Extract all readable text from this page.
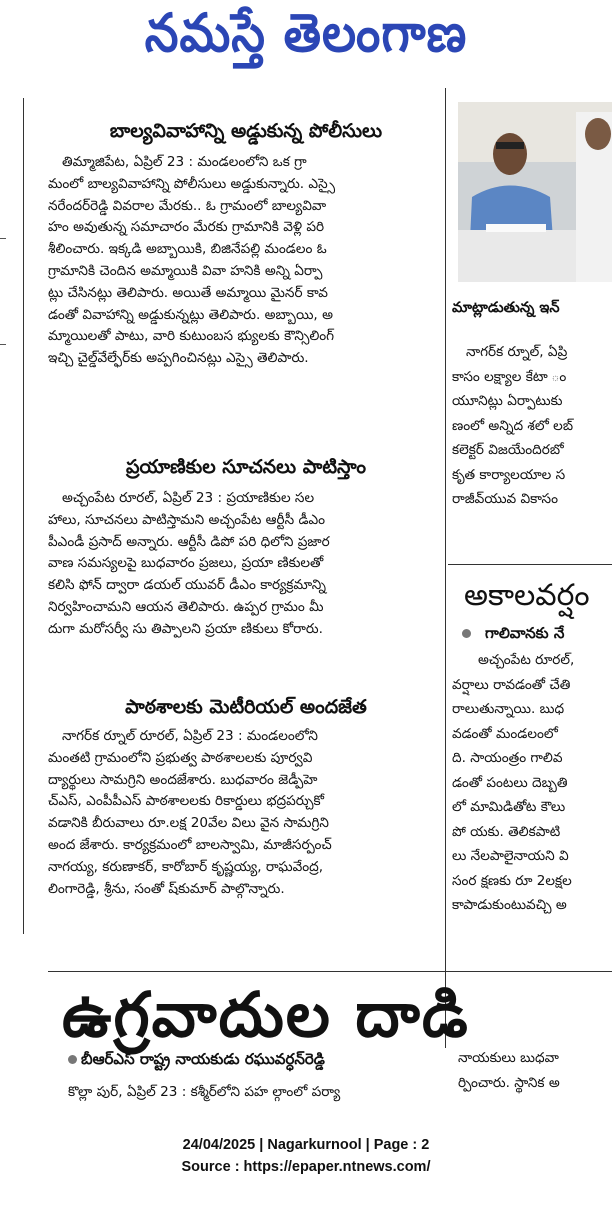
నమస్తే తెలంగాణ
బాల్యవివాహాన్ని అడ్డుకున్న పోలీసులు

తిమ్మాజిపేట, ఏప్రిల్ 23 : మండలంలోని ఒక గ్రా

మంలో బాల్యవివాహాన్ని పోలీసులు అడ్డుకున్నారు. ఎస్సై

నరేందర్‌రెడ్డి వివరాల మేరకు.. ఓ గ్రామంలో బాల్యవివా

హం అవుతున్న సమాచారం మేరకు గ్రామానికి వెళ్లి పరి

శీలించారు. ఇక్కడి అబ్బాయికి, బిజినేపల్లి మండలం ఓ

గ్రామానికి చెందిన అమ్మాయికి వివా హనికి అన్ని ఏర్పా

ట్లు చేసినట్లు తెలిపారు. అయితే అమ్మాయి మైనర్ కావ

డంతో వివాహాన్ని అడ్డుకున్నట్లు తెలిపారు. అబ్బాయి, అ

మ్మాయిలతో పాటు, వారి కుటుంబస భ్యులకు కౌన్సిలింగ్

ఇచ్చి చైల్డ్‌వేల్ఫేర్‌కు అప్పగించినట్లు ఎస్సై తెలిపారు.

ప్రయాణికుల సూచనలు పాటిస్తాం

అచ్చంపేట రూరల్, ఏప్రిల్ 23 : ప్రయాణికుల సల

హాలు, సూచనలు పాటిస్తామని అచ్చంపేట ఆర్టీసీ డీఎం

పీఎండీ ప్రసాద్ అన్నారు. ఆర్టీసీ డిపో పరి ధిలోని ప్రజార

వాణ సమస్యలపై బుధవారం ప్రజలు, ప్రయా ణికులతో

కలిసి ఫోన్ ద్వారా డయల్ యువర్ డీఎం కార్యక్రమాన్ని

నిర్వహించామని ఆయన తెలిపారు. ఉప్పర గ్రామం మీ

దుగా మరోసర్వీ సు తిప్పాలని ప్రయా ణికులు కోరారు.

పాఠశాలకు మెటీరియల్ అందజేత

నాగర్‌క ర్నూల్ రూరల్, ఏప్రిల్ 23 : మండలంలోని

మంతటి గ్రామంలోని ప్రభుత్వ పాఠశాలలకు పూర్వవి

ద్యార్థులు సామగ్రిని అందజేశారు. బుధవారం జెడ్పీహె

చ్‌ఎస్, ఎంపీపీఎస్ పాఠశాలలకు రికార్డులు భద్రపర్చుకో

వడానికి బీరువాలు రూ.లక్ష 20వేల విలు వైన సామగ్రిని

అంద జేశారు. కార్యక్రమంలో బాలస్వామి, మాజీసర్పంచ్

నాగయ్య, కరుణాకర్, కారోబార్ కృష్ణయ్య, రాఘవేంద్ర,

లింగారెడ్డి, శ్రీను, సంతో ష్‌కుమార్ పాల్గొన్నారు.

మాట్లాడుతున్న ఇన్
నాగర్‌క ర్నూల్, ఏప్రి
కాసం లక్ష్యాల కేటా ం
యూనిట్లు ఏర్పాటుకు
ణంలో అన్నిద శలో లబ్
కలెక్టర్ విజయేందిరబో
కృత కార్యాలయాల స
రాజీవ్‌యువ వికాసం
అకాలవర్షం
గాలివానకు నే
అచ్చంపేట రూరల్,
వర్షాలు రావడంతో చేతి
రాలుతున్నాయి. బుధ
వడంతో మండలంలో
ది. సాయంత్రం గాలివ
డంతో పంటలు దెబ్బతి
లో మామిడితోట కౌలు
పో యకు. తెలికపాటి
లు నేలపాలైనాయని వి
సంర క్షణకు రూ 2లక్షల
కాపాడుకుంటువచ్చి అ
ఉగ్రవాదుల దాడి
బీఆర్ఎస్ రాష్ట్ర నాయకుడు రఘువర్ధన్‌రెడ్డి
కొల్లా పుర్, ఏప్రిల్ 23 : కశ్మీర్‌లోని పహ ల్గాంలో పర్యా
నాయకులు బుధవా
ర్పించారు. స్థానిక అ
24/04/2025 | Nagarkurnool | Page : 2
Source : https://epaper.ntnews.com/
